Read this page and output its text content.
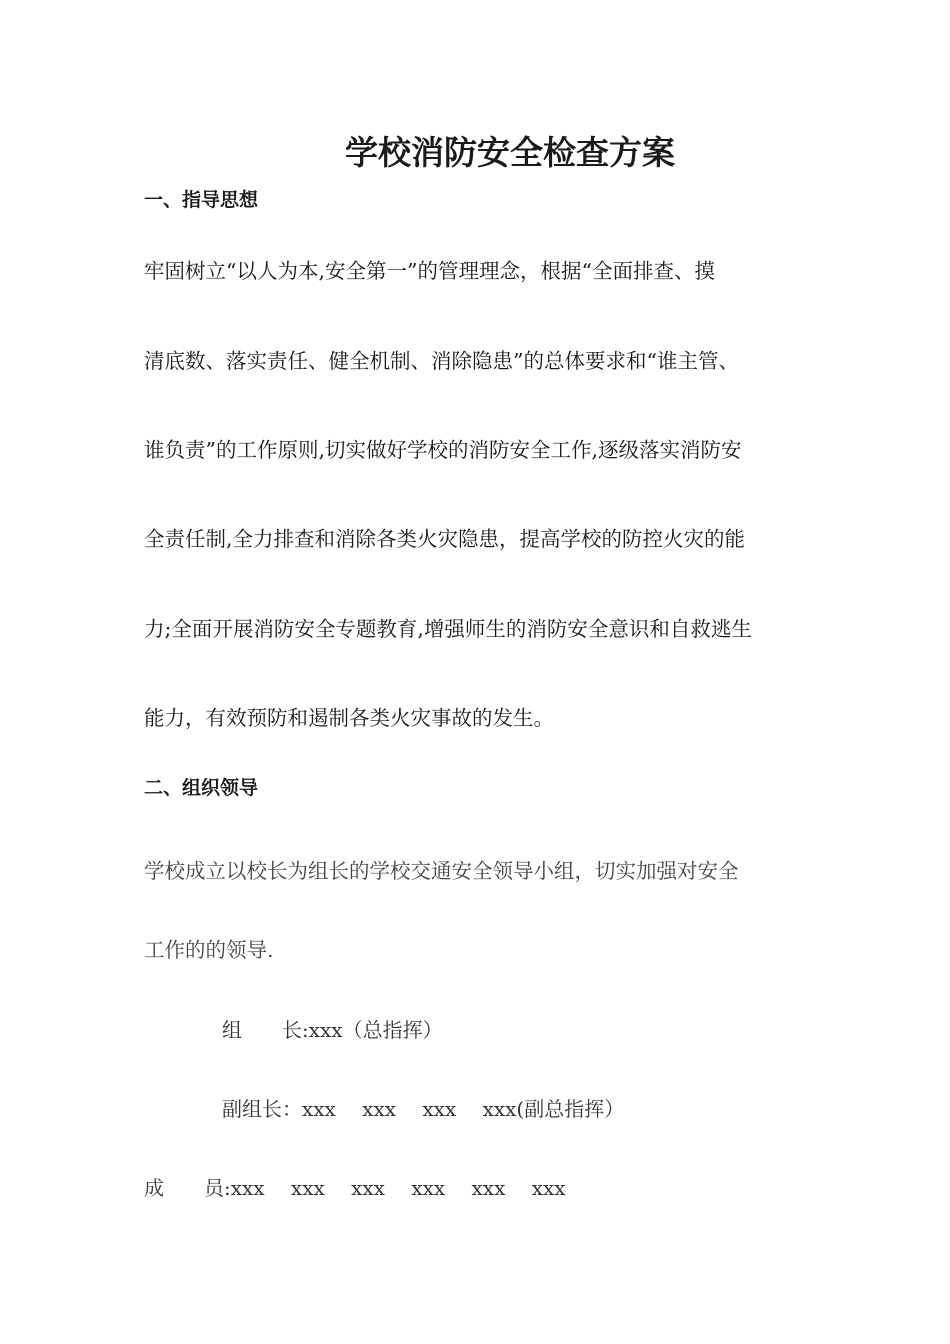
学校消防安全检查方案
一、指导思想
牢固树立“以人为本,安全第一”的管理理念，根据“全面排查、摸
清底数、落实责任、健全机制、消除隐患”的总体要求和“谁主管、
谁负责”的工作原则,切实做好学校的消防安全工作,逐级落实消防安
全责任制,全力排查和消除各类火灾隐患，提高学校的防控火灾的能
力;全面开展消防安全专题教育,增强师生的消防安全意识和自救逃生
能力，有效预防和遏制各类火灾事故的发生。
二、组织领导
学校成立以校长为组长的学校交通安全领导小组，切实加强对安全
工作的的领导.
组　　长:xxx（总指挥）
副组长：xxx　 xxx　 xxx　 xxx(副总指挥）
成　　员:xxx　 xxx　 xxx　 xxx　 xxx　 xxx
